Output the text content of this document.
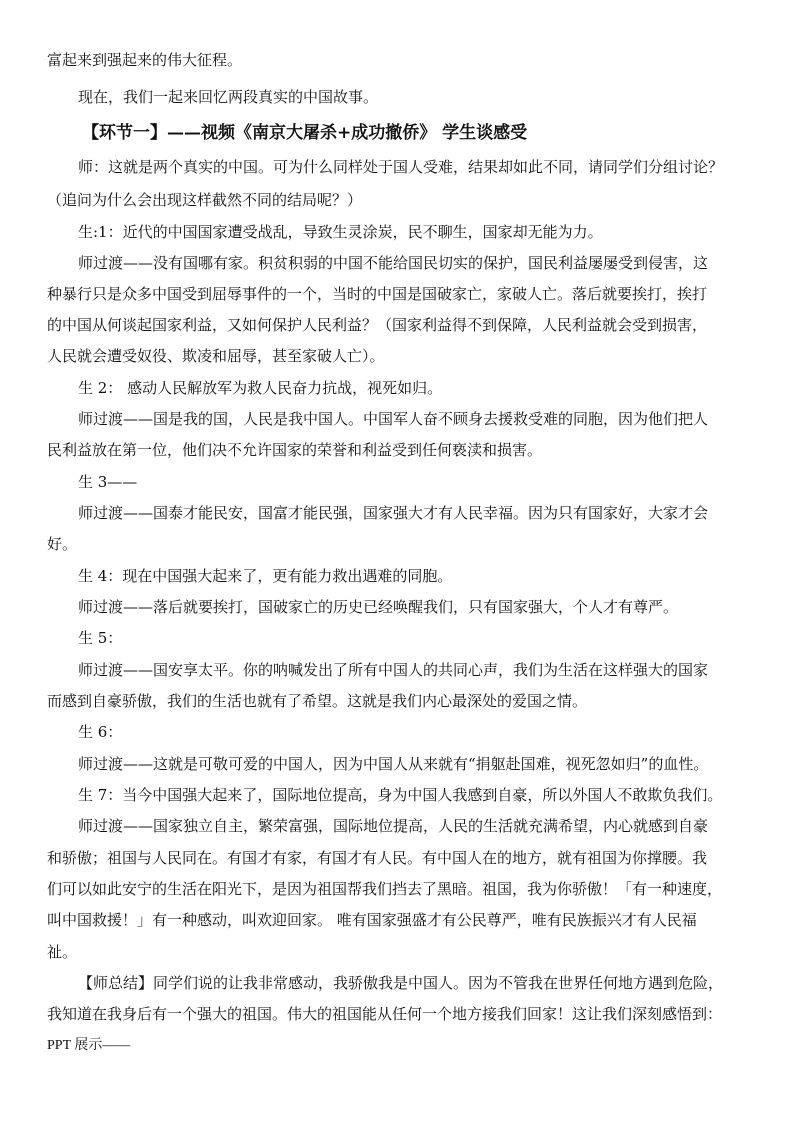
富起来到强起来的伟大征程。
现在，我们一起来回忆两段真实的中国故事。
【环节一】——视频《南京大屠杀+成功撤侨》 学生谈感受
师：这就是两个真实的中国。可为什么同样处于国人受难，结果却如此不同，请同学们分组讨论？
（追问为什么会出现这样截然不同的结局呢？）
生:1：近代的中国国家遭受战乱，导致生灵涂炭，民不聊生，国家却无能为力。
师过渡——没有国哪有家。积贫积弱的中国不能给国民切实的保护，国民利益屡屡受到侵害，这
种暴行只是众多中国受到屈辱事件的一个，当时的中国是国破家亡，家破人亡。落后就要挨打，挨打
的中国从何谈起国家利益，又如何保护人民利益？（国家利益得不到保障，人民利益就会受到损害，
人民就会遭受奴役、欺凌和屈辱，甚至家破人亡）。
生 2： 感动人民解放军为救人民奋力抗战，视死如归。
师过渡——国是我的国，人民是我中国人。中国军人奋不顾身去援救受难的同胞，因为他们把人
民利益放在第一位，他们决不允许国家的荣誉和利益受到任何亵渎和损害。
生 3——
师过渡——国泰才能民安，国富才能民强，国家强大才有人民幸福。因为只有国家好，大家才会
好。
生 4：现在中国强大起来了，更有能力救出遇难的同胞。
师过渡——落后就要挨打，国破家亡的历史已经唤醒我们，只有国家强大，个人才有尊严。
生 5：
师过渡——国安享太平。你的呐喊发出了所有中国人的共同心声，我们为生活在这样强大的国家
而感到自豪骄傲，我们的生活也就有了希望。这就是我们内心最深处的爱国之情。
生 6：
师过渡——这就是可敬可爱的中国人，因为中国人从来就有“捐躯赴国难，视死忽如归”的血性。
生 7：当今中国强大起来了，国际地位提高，身为中国人我感到自豪，所以外国人不敢欺负我们。
师过渡——国家独立自主，繁荣富强，国际地位提高，人民的生活就充满希望，内心就感到自豪
和骄傲；祖国与人民同在。有国才有家，有国才有人民。有中国人在的地方，就有祖国为你撑腰。我
们可以如此安宁的生活在阳光下，是因为祖国帮我们挡去了黑暗。祖国，我为你骄傲！「有一种速度，
叫中国救援！」有一种感动，叫欢迎回家。 唯有国家强盛才有公民尊严，唯有民族振兴才有人民福
祉。
【师总结】同学们说的让我非常感动，我骄傲我是中国人。因为不管我在世界任何地方遇到危险，
我知道在我身后有一个强大的祖国。伟大的祖国能从任何一个地方接我们回家！这让我们深刻感悟到：
PPT 展示——
